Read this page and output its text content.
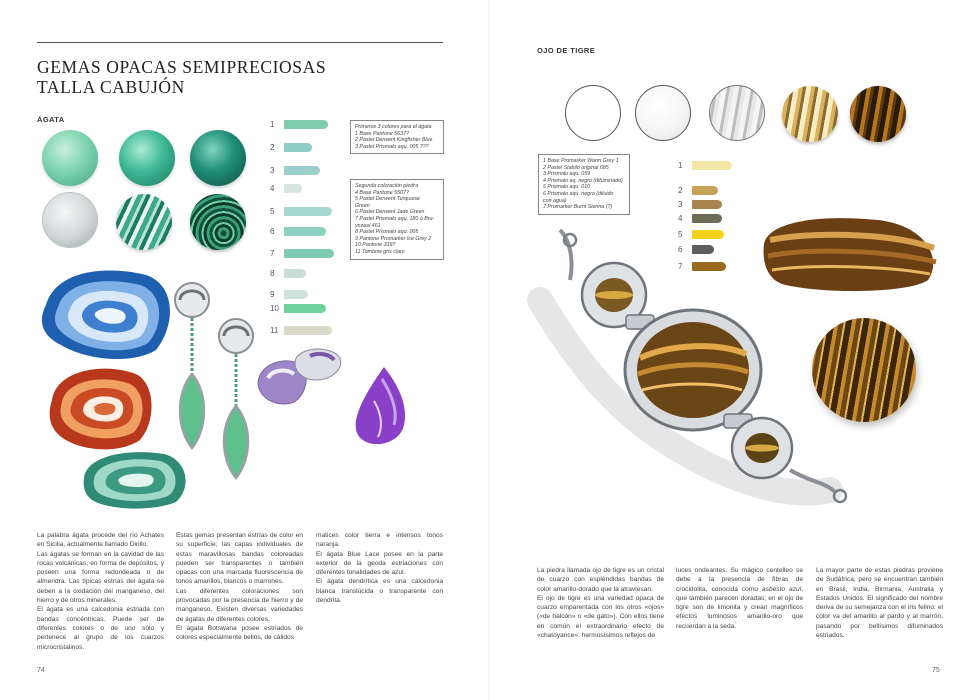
GEMAS OPACAS SEMIPRECIOSAS
TALLA CABUJÓN
ÁGATA
1
2
3
4
5
6
7
8
9
10
11
Primeros 3 colores para el ágata
1 Base Pantone 5637?
2 Pastel Derwent Kingfisher Blue
3 Pastel Prismalo aqu. 005 ???
Segunda coloración piedra
4 Base Pantone 5507?
5 Pastel Derwent Turquoise
Green
6 Pastel Derwent Jade Green
7 Pastel Prismalo aqu. 180 ó Bru-
ynzeel 461
8 Pastel Prismalo aqu. 005
9 Pantone Promarker Ice Grey 2
10 Pantone 339?
11 Tombow gris claro

La palabra ágata procede del río Achates en Sicilia, actualmente llamado Dirillo.

Las ágatas se forman en la cavidad de las rocas volcánicas, en forma de depósitos, y poseen una forma redondeada o de almendra. Las típicas estrías del ágata se deben a la oxidación del manganeso, del hierro y de otros minerales.

El ágata es una calcedonia estriada con bandas concéntricas. Puede ser de diferentes colores o de uno sólo y pertenece al grupo de los cuarzos microcristalinos.

Estas gemas presentan estrías de color en su superficie; las capas individuales de estas maravillosas bandas coloreadas pueden ser transparentes o también opacas con una marcada fluorescencia de tonos amarillos, blancos o marrones.

Las diferentes coloraciones son provocadas por la presencia de hierro y de manganeso. Existen diversas variedades de ágatas de diferentes colores.

El ágata Botswana posee estriados de colores especialmente bellos, de cálidos

matices color tierra e intensos tonos naranja.

El ágata Blue Lace posee en la parte exterior de la geoda estriaciones con diferentes tonalidades de azul.

El ágata dendrítica es una calcedonia blanca translúcida o transparente con dendrita.

74
OJO DE TIGRE
1 Base Promarker Warm Grey 1
2 Pastel Stabilo original 685
3 Prismalo aqu. 059
4 Prismalo aq. negro (difuminado)
5 Prismalo aqu. 010
6 Prismalo aqu. negro (diluido
con agua)
7 Promarker Burnt Sienna (?)
1
2
3
4
5
6
7

La piedra llamada ojo de tigre es un cristal de cuarzo con espléndidas bandas de color amarillo-dorado que la atraviesan.

El ojo de tigre es una variedad opaca de cuarzo emparentada con los otros «ojos» («de halcón» o «de gato»). Con ellos tiene en común el extraordinario efecto de «chatoyance»: hermosísimos reflejos de

luces ondeantes. Su mágico centelleo se debe a la presencia de fibras de crocidolita, conocida como asbesto azul, que también parecen doradas; en el ojo de tigre son de limonita y crean magníficos efectos luminosos amarillo-oro que recuerdan a la seda.

La mayor parte de estas piedras proviene de Sudáfrica, pero se encuentran también en Brasil, India, Birmania, Australia y Estados Unidos. El significado del nombre deriva de su semejanza con el iris felino: el color va del amarillo al pardo y al marrón, pasando por bellísimos difuminados estriados.

75
